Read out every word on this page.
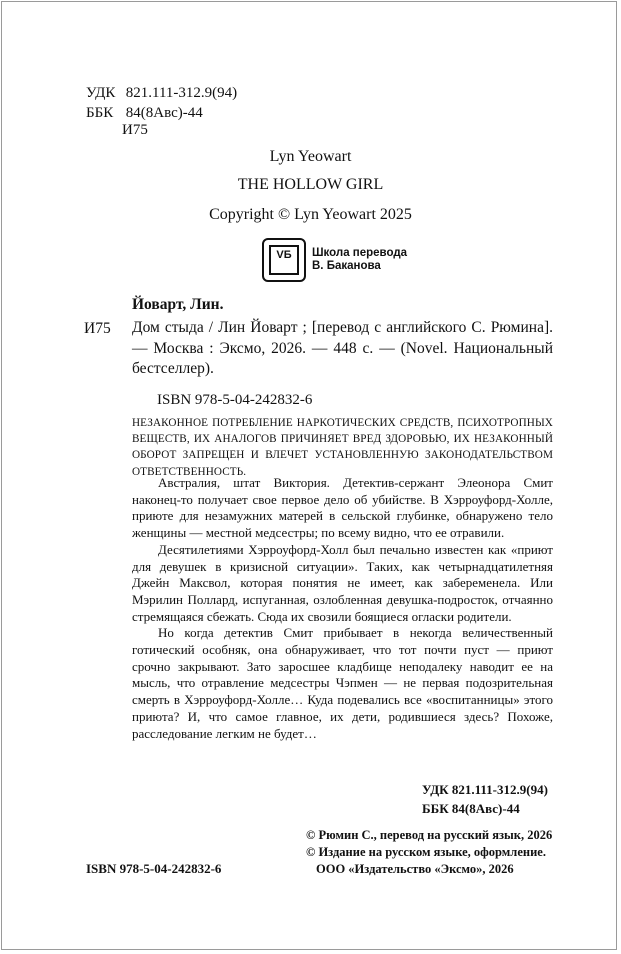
УДК 821.111-312.9(94)
ББК 84(8Авс)-44
И75
Lyn Yeowart
THE HOLLOW GIRL
Copyright © Lyn Yeowart 2025
VБ	Школа перевода
В. Баканова
Йоварт, Лин.
И75 Дом стыда / Лин Йоварт ; [перевод с английского С. Рюмина]. — Москва : Эксмо, 2026. — 448 с. — (Novel. Национальный бестселлер).
ISBN 978-5-04-242832-6
НЕЗАКОННОЕ ПОТРЕБЛЕНИЕ НАРКОТИЧЕСКИХ СРЕДСТВ, ПСИХОТРОПНЫХ ВЕЩЕСТВ, ИХ АНАЛОГОВ ПРИЧИНЯЕТ ВРЕД ЗДОРОВЬЮ, ИХ НЕЗАКОННЫЙ ОБОРОТ ЗАПРЕЩЕН И ВЛЕЧЕТ УСТАНОВЛЕННУЮ ЗАКОНОДАТЕЛЬСТВОМ ОТВЕТСТВЕННОСТЬ.

Австралия, штат Виктория. Детектив-сержант Элеонора Смит наконец-то получает свое первое дело об убийстве. В Хэрроуфорд-Холле, приюте для незамужних матерей в сельской глубинке, обнаружено тело женщины — местной медсестры; по всему видно, что ее отравили.

Десятилетиями Хэрроуфорд-Холл был печально известен как «приют для девушек в кризисной ситуации». Таких, как четырнадцатилетняя Джейн Максвол, которая понятия не имеет, как забеременела. Или Мэрилин Поллард, испуганная, озлобленная девушка-подросток, отчаянно стремящаяся сбежать. Сюда их свозили боящиеся огласки родители.

Но когда детектив Смит прибывает в некогда величественный готический особняк, она обнаруживает, что тот почти пуст — приют срочно закрывают. Зато заросшее кладбище неподалеку наводит ее на мысль, что отравление медсестры Чэпмен — не первая подозрительная смерть в Хэрроуфорд-Холле… Куда подевались все «воспитанницы» этого приюта? И, что самое главное, их дети, родившиеся здесь? Похоже, расследование легким не будет…

УДК 821.111-312.9(94)
ББК 84(8Авс)-44
© Рюмин С., перевод на русский язык, 2026
© Издание на русском языке, оформление.
ООО «Издательство «Эксмо», 2026
ISBN 978-5-04-242832-6
